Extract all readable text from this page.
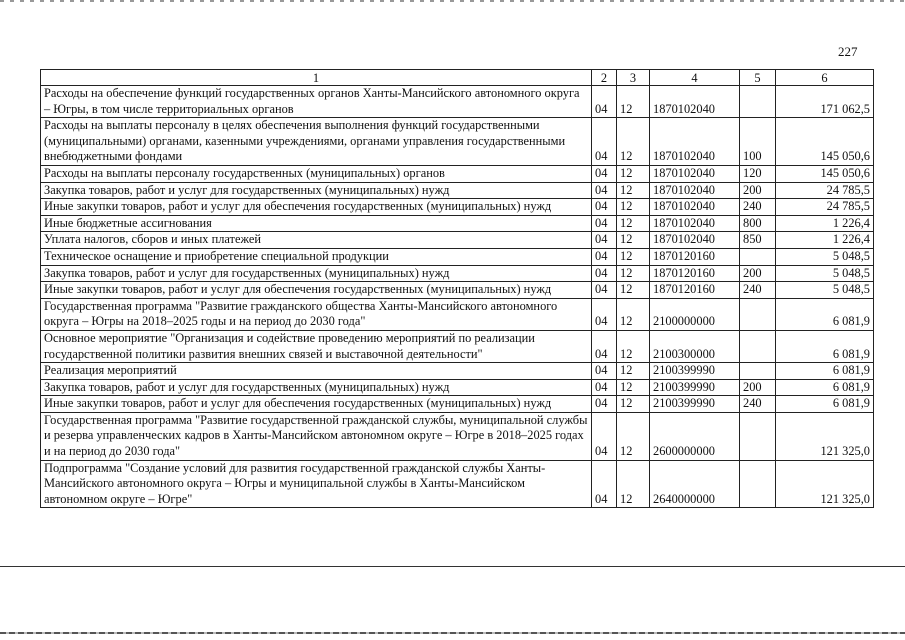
227
1	2	3	4	5	6
Расходы на обеспечение функций государственных органов Ханты-Мансийского автономного округа – Югры, в том числе территориальных органов	04	12	1870102040		171 062,5
Расходы на выплаты персоналу в целях обеспечения выполнения функций государственными (муниципальными) органами, казенными учреждениями, органами управления государственными внебюджетными фондами	04	12	1870102040	100	145 050,6
Расходы на выплаты персоналу государственных (муниципальных) органов	04	12	1870102040	120	145 050,6
Закупка товаров, работ и услуг для государственных (муниципальных) нужд	04	12	1870102040	200	24 785,5
Иные закупки товаров, работ и услуг для обеспечения государственных (муниципальных) нужд	04	12	1870102040	240	24 785,5
Иные бюджетные ассигнования	04	12	1870102040	800	1 226,4
Уплата налогов, сборов и иных платежей	04	12	1870102040	850	1 226,4
Техническое оснащение и приобретение специальной продукции	04	12	1870120160		5 048,5
Закупка товаров, работ и услуг для государственных (муниципальных) нужд	04	12	1870120160	200	5 048,5
Иные закупки товаров, работ и услуг для обеспечения государственных (муниципальных) нужд	04	12	1870120160	240	5 048,5
Государственная программа "Развитие гражданского общества Ханты-Мансийского автономного округа – Югры на 2018–2025 годы и на период до 2030 года"	04	12	2100000000		6 081,9
Основное мероприятие "Организация и содействие проведению мероприятий по реализации государственной политики развития внешних связей и выставочной деятельности"	04	12	2100300000		6 081,9
Реализация мероприятий	04	12	2100399990		6 081,9
Закупка товаров, работ и услуг для государственных (муниципальных) нужд	04	12	2100399990	200	6 081,9
Иные закупки товаров, работ и услуг для обеспечения государственных (муниципальных) нужд	04	12	2100399990	240	6 081,9
Государственная программа "Развитие государственной гражданской службы, муниципальной службы и резерва управленческих кадров в Ханты-Мансийском автономном округе – Югре в 2018–2025 годах и на период до 2030 года"	04	12	2600000000		121 325,0
Подпрограмма "Создание условий для развития государственной гражданской службы Ханты-Мансийского автономного округа – Югры и муниципальной службы в Ханты-Мансийском автономном округе – Югре"	04	12	2640000000		121 325,0
